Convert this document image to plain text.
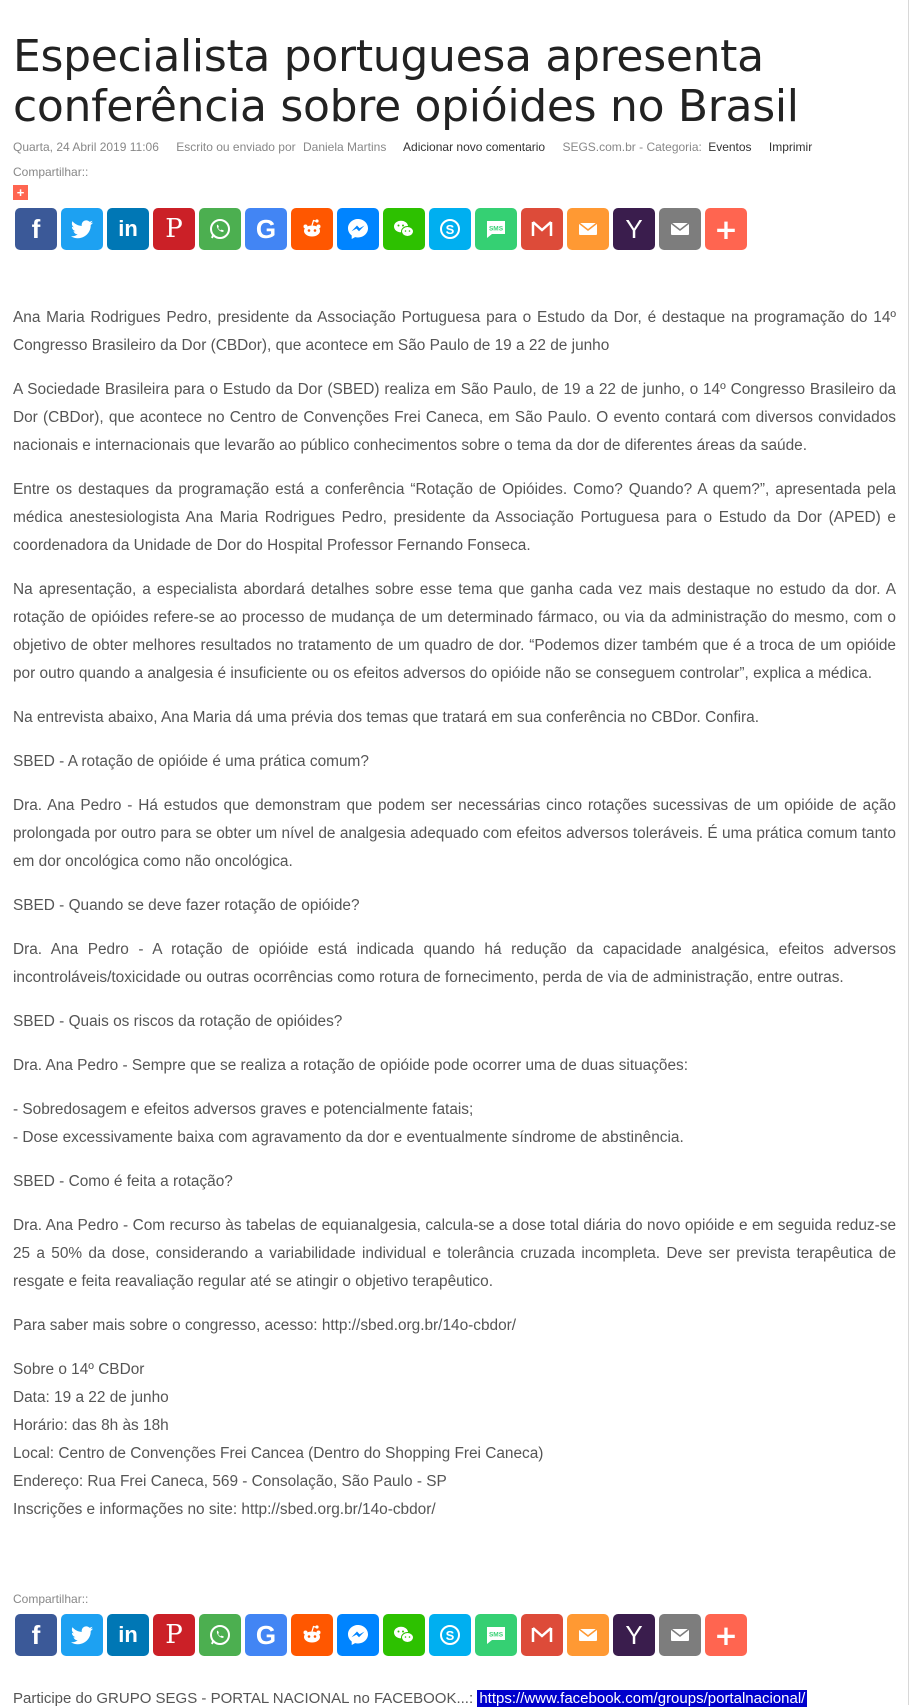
Especialista portuguesa apresenta conferência sobre opióides no Brasil
Quarta, 24 Abril 2019 11:06 Escrito ou enviado por Daniela Martins Adicionar novo comentario SEGS.com.br - Categoria: Eventos Imprimir
Compartilhar::
+
f	in P	G	S	SMS	Y	+

Ana Maria Rodrigues Pedro, presidente da Associação Portuguesa para o Estudo da Dor, é destaque na programação do 14º Congresso Brasileiro da Dor (CBDor), que acontece em São Paulo de 19 a 22 de junho

A Sociedade Brasileira para o Estudo da Dor (SBED) realiza em São Paulo, de 19 a 22 de junho, o 14º Congresso Brasileiro da Dor (CBDor), que acontece no Centro de Convenções Frei Caneca, em São Paulo. O evento contará com diversos convidados nacionais e internacionais que levarão ao público conhecimentos sobre o tema da dor de diferentes áreas da saúde.

Entre os destaques da programação está a conferência “Rotação de Opióides. Como? Quando? A quem?”, apresentada pela médica anestesiologista Ana Maria Rodrigues Pedro, presidente da Associação Portuguesa para o Estudo da Dor (APED) e coordenadora da Unidade de Dor do Hospital Professor Fernando Fonseca.

Na apresentação, a especialista abordará detalhes sobre esse tema que ganha cada vez mais destaque no estudo da dor. A rotação de opióides refere-se ao processo de mudança de um determinado fármaco, ou via da administração do mesmo, com o objetivo de obter melhores resultados no tratamento de um quadro de dor. “Podemos dizer também que é a troca de um opióide por outro quando a analgesia é insuficiente ou os efeitos adversos do opióide não se conseguem controlar”, explica a médica.

Na entrevista abaixo, Ana Maria dá uma prévia dos temas que tratará em sua conferência no CBDor. Confira.

SBED - A rotação de opióide é uma prática comum?

Dra. Ana Pedro - Há estudos que demonstram que podem ser necessárias cinco rotações sucessivas de um opióide de ação prolongada por outro para se obter um nível de analgesia adequado com efeitos adversos toleráveis. É uma prática comum tanto em dor oncológica como não oncológica.

SBED - Quando se deve fazer rotação de opióide?

Dra. Ana Pedro - A rotação de opióide está indicada quando há redução da capacidade analgésica, efeitos adversos incontroláveis/toxicidade ou outras ocorrências como rotura de fornecimento, perda de via de administração, entre outras.

SBED - Quais os riscos da rotação de opióides?

Dra. Ana Pedro - Sempre que se realiza a rotação de opióide pode ocorrer uma de duas situações:

- Sobredosagem e efeitos adversos graves e potencialmente fatais;
- Dose excessivamente baixa com agravamento da dor e eventualmente síndrome de abstinência.

SBED - Como é feita a rotação?

Dra. Ana Pedro - Com recurso às tabelas de equianalgesia, calcula-se a dose total diária do novo opióide e em seguida reduz-se 25 a 50% da dose, considerando a variabilidade individual e tolerância cruzada incompleta. Deve ser prevista terapêutica de resgate e feita reavaliação regular até se atingir o objetivo terapêutico.

Para saber mais sobre o congresso, acesso: http://sbed.org.br/14o-cbdor/

Sobre o 14º CBDor
Data: 19 a 22 de junho
Horário: das 8h às 18h
Local: Centro de Convenções Frei Cancea (Dentro do Shopping Frei Caneca)
Endereço: Rua Frei Caneca, 569 - Consolação, São Paulo - SP
Inscrições e informações no site: http://sbed.org.br/14o-cbdor/

Compartilhar::
f	in P	G	S	SMS	Y	+
Participe do GRUPO SEGS - PORTAL NACIONAL no FACEBOOK...: https://www.facebook.com/groups/portalnacional/
